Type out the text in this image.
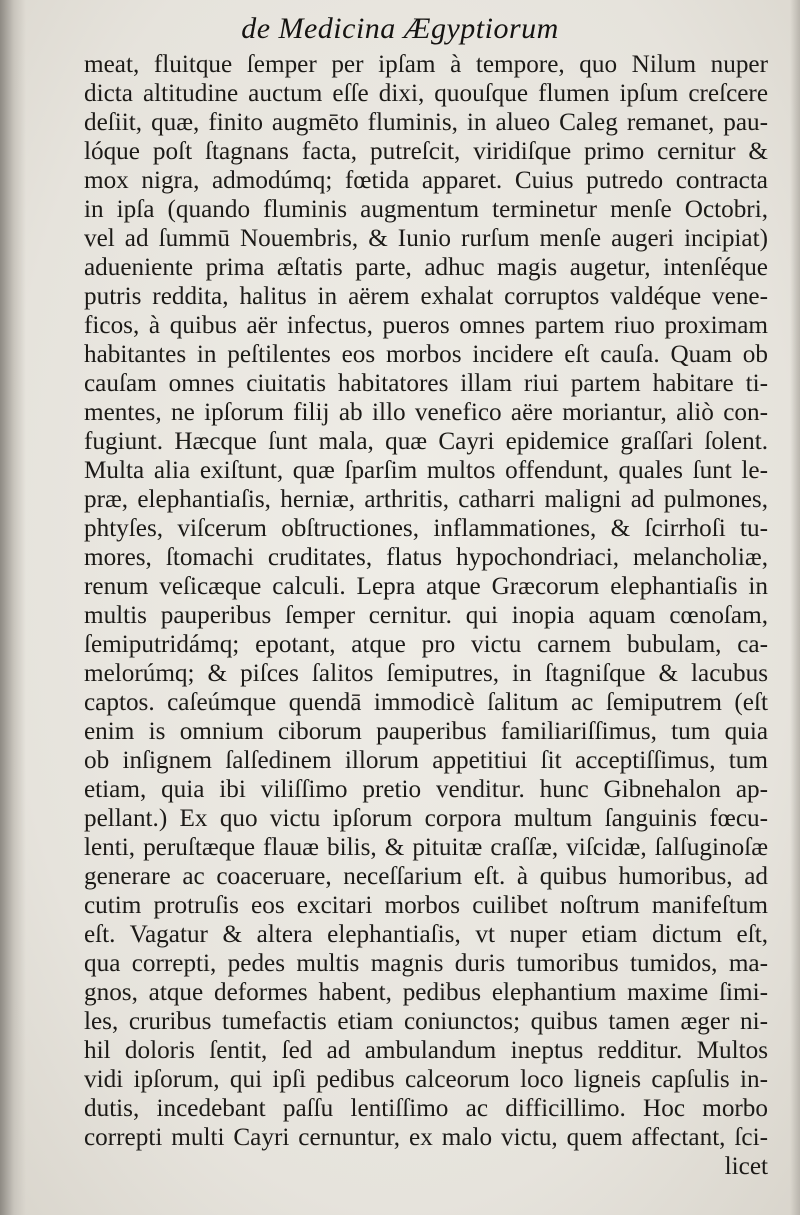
de Medicina Ægyptiorum
meat, fluitque ſemper per ipſam à tempore, quo Nilum nuper
dicta altitudine auctum eſſe dixi, quouſque flumen ipſum creſcere
deſiit, quæ, finito augmēto fluminis, in alueo Caleg remanet, pau-
lóque poſt ſtagnans facta, putreſcit, viridiſque primo cernitur &
mox nigra, admodúmq; fœtida apparet. Cuius putredo contracta
in ipſa (quando fluminis augmentum terminetur menſe Octobri,
vel ad ſummū Nouembris, & Iunio rurſum menſe augeri incipiat)
adueniente prima æſtatis parte, adhuc magis augetur, intenſéque
putris reddita, halitus in aërem exhalat corruptos valdéque vene-
ficos, à quibus aër infectus, pueros omnes partem riuo proximam
habitantes in peſtilentes eos morbos incidere eſt cauſa. Quam ob
cauſam omnes ciuitatis habitatores illam riui partem habitare ti-
mentes, ne ipſorum filij ab illo venefico aëre moriantur, aliò con-
fugiunt. Hæcque ſunt mala, quæ Cayri epidemice graſſari ſolent.
Multa alia exiſtunt, quæ ſparſim multos offendunt, quales ſunt le-
præ, elephantiaſis, herniæ, arthritis, catharri maligni ad pulmones,
phtyſes, viſcerum obſtructiones, inflammationes, & ſcirrhoſi tu-
mores, ſtomachi cruditates, flatus hypochondriaci, melancholiæ,
renum veſicæque calculi. Lepra atque Græcorum elephantiaſis in
multis pauperibus ſemper cernitur. qui inopia aquam cœnoſam,
ſemiputridámq; epotant, atque pro victu carnem bubulam, ca-
melorúmq; & piſces ſalitos ſemiputres, in ſtagniſque & lacubus
captos. caſeúmque quendā immodicè ſalitum ac ſemiputrem (eſt
enim is omnium ciborum pauperibus familiariſſimus, tum quia
ob inſignem ſalſedinem illorum appetitiui ſit acceptiſſimus, tum
etiam, quia ibi viliſſimo pretio venditur. hunc Gibnehalon ap-
pellant.) Ex quo victu ipſorum corpora multum ſanguinis fœcu-
lenti, peruſtæque flauæ bilis, & pituitæ craſſæ, viſcidæ, ſalſuginoſæ
generare ac coaceruare, neceſſarium eſt. à quibus humoribus, ad
cutim protruſis eos excitari morbos cuilibet noſtrum manifeſtum
eſt. Vagatur & altera elephantiaſis, vt nuper etiam dictum eſt,
qua correpti, pedes multis magnis duris tumoribus tumidos, ma-
gnos, atque deformes habent, pedibus elephantium maxime ſimi-
les, cruribus tumefactis etiam coniunctos; quibus tamen æger ni-
hil doloris ſentit, ſed ad ambulandum ineptus redditur. Multos
vidi ipſorum, qui ipſi pedibus calceorum loco ligneis capſulis in-
dutis, incedebant paſſu lentiſſimo ac difficillimo. Hoc morbo
correpti multi Cayri cernuntur, ex malo victu, quem affectant, ſci-
licet
